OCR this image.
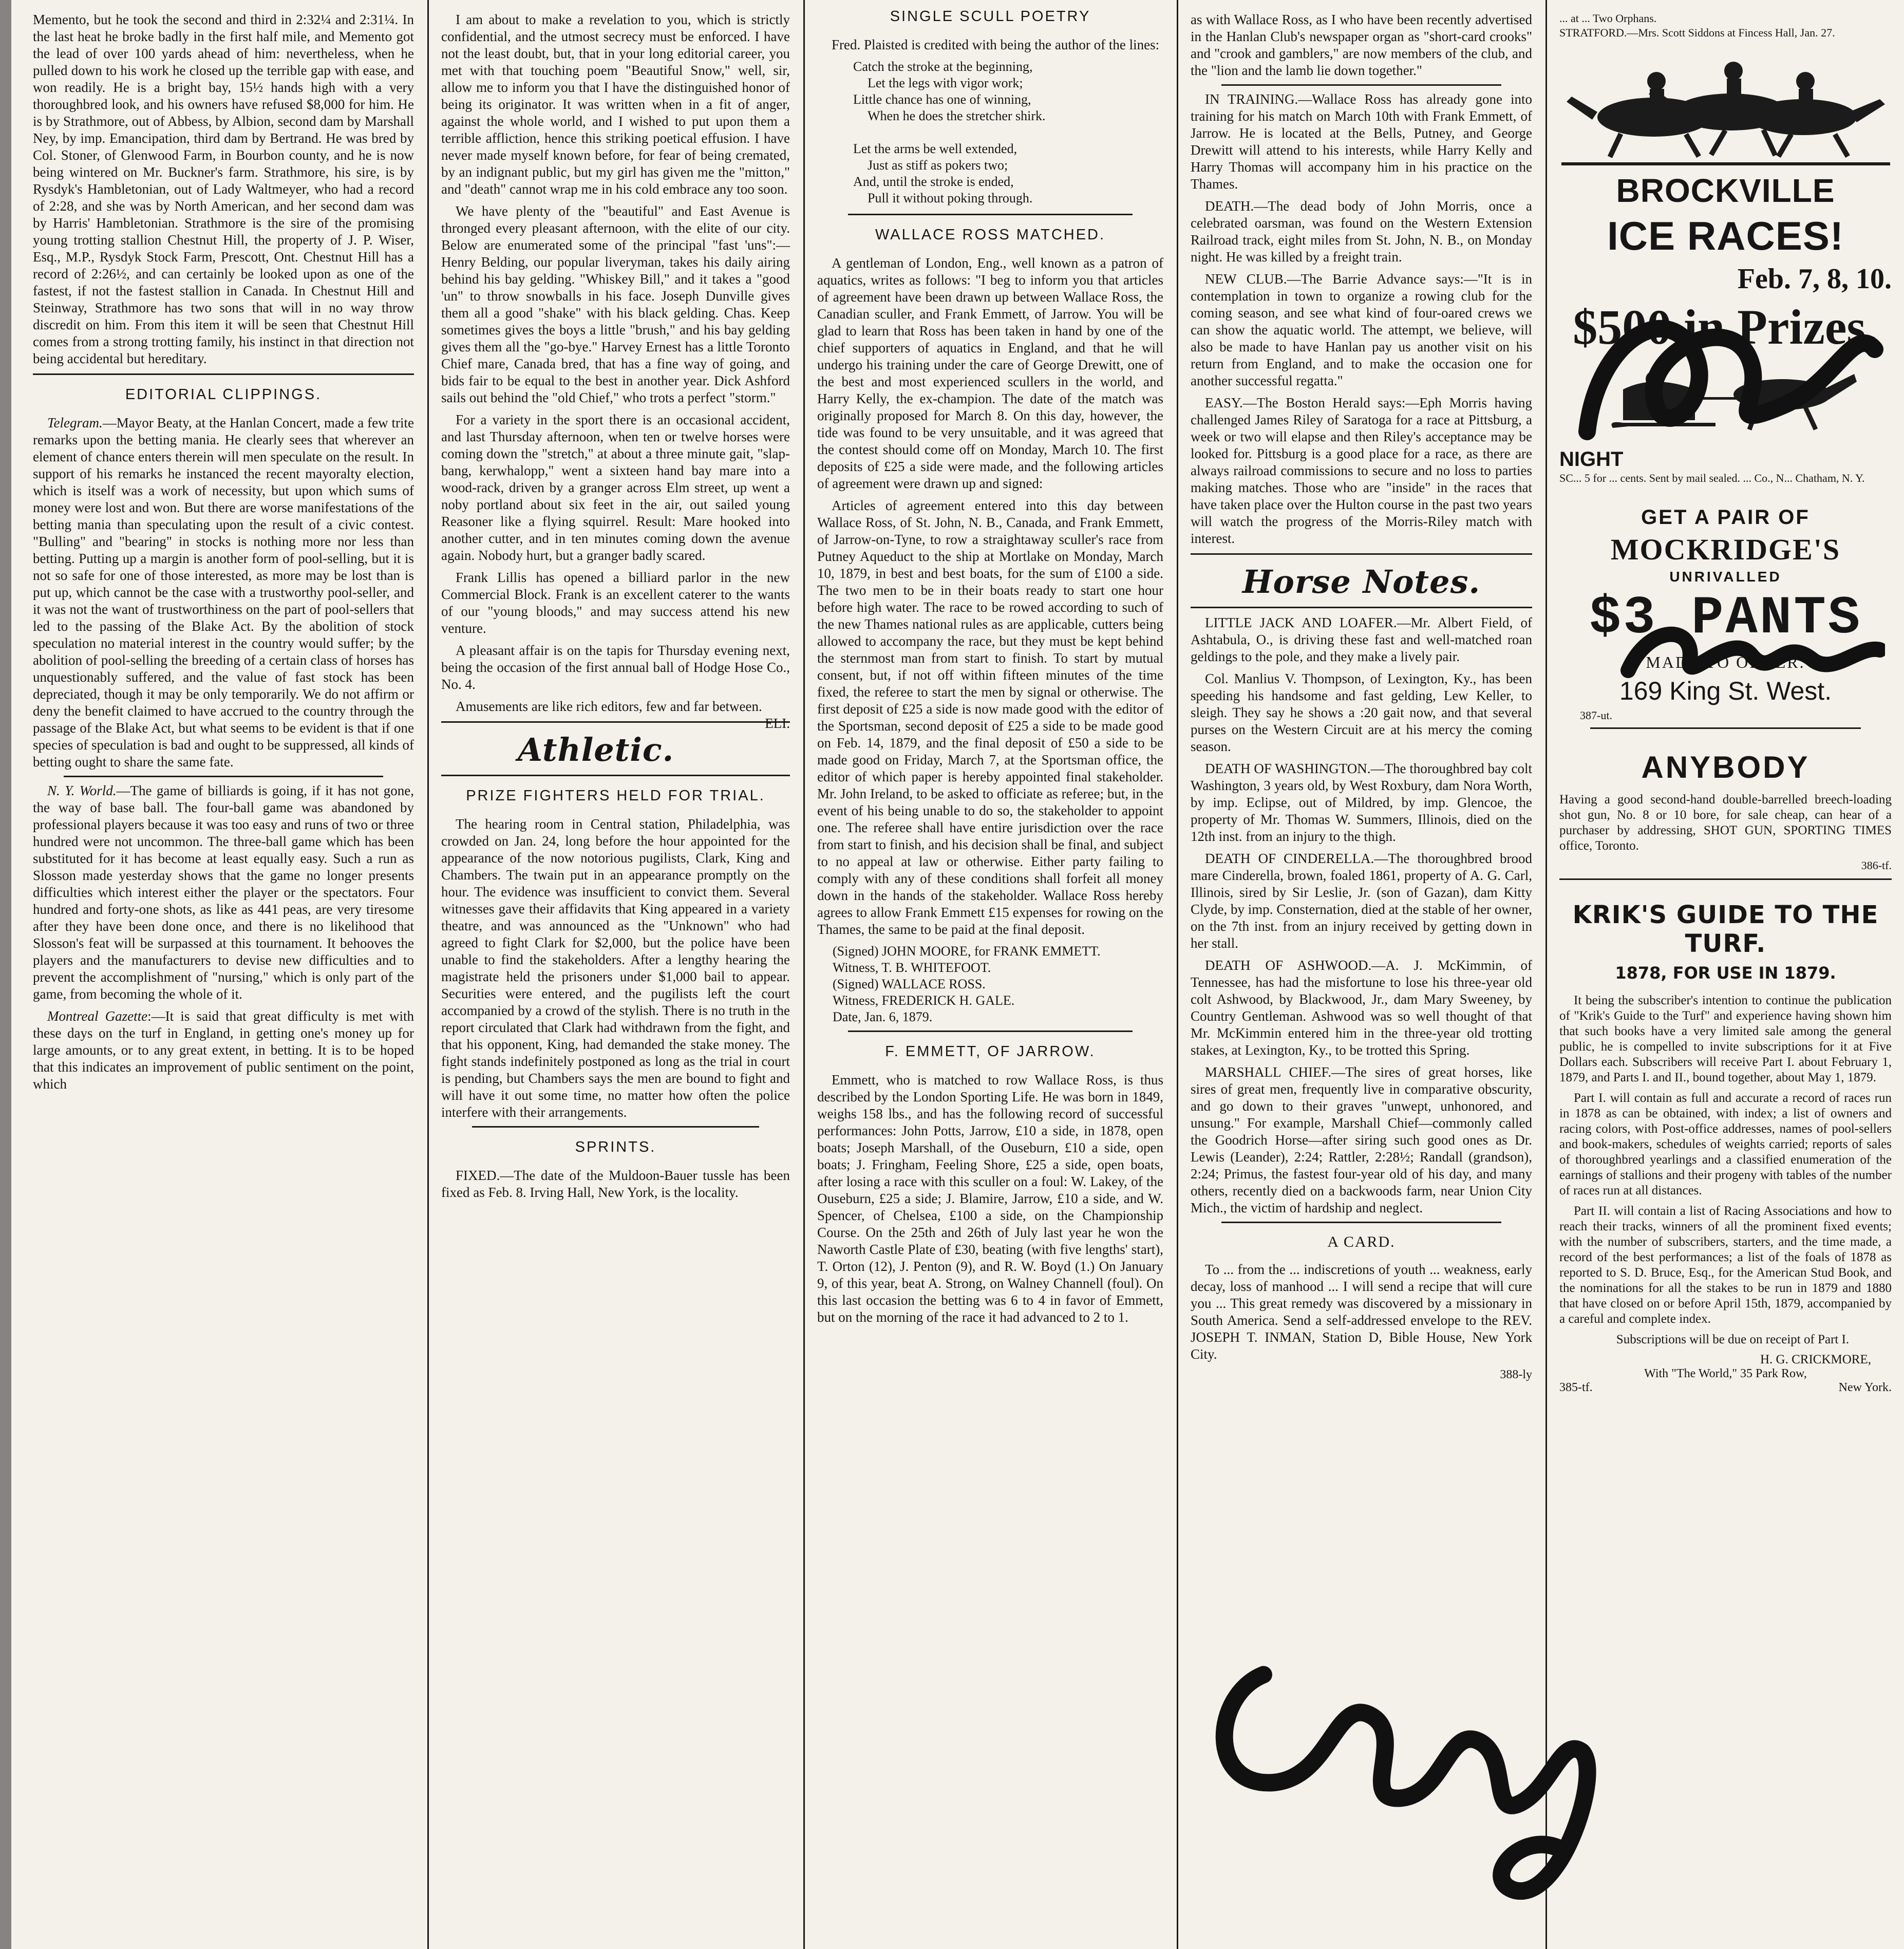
Memento, but he took the second and third in 2:32¼ and 2:31¼. In the last heat he broke badly in the first half mile, and Memento got the lead of over 100 yards ahead of him: nevertheless, when he pulled down to his work he closed up the terrible gap with ease, and won readily. He is a bright bay, 15½ hands high with a very thoroughbred look, and his owners have refused $8,000 for him. He is by Strathmore, out of Abbess, by Albion, second dam by Marshall Ney, by imp. Emancipation, third dam by Bertrand. He was bred by Col. Stoner, of Glenwood Farm, in Bourbon county, and he is now being wintered on Mr. Buckner's farm. Strathmore, his sire, is by Rysdyk's Hambletonian, out of Lady Waltmeyer, who had a record of 2:28, and she was by North American, and her second dam was by Harris' Hambletonian. Strathmore is the sire of the promising young trotting stallion Chestnut Hill, the property of J. P. Wiser, Esq., M.P., Rysdyk Stock Farm, Prescott, Ont. Chestnut Hill has a record of 2:26½, and can certainly be looked upon as one of the fastest, if not the fastest stallion in Canada. In Chestnut Hill and Steinway, Strathmore has two sons that will in no way throw discredit on him. From this item it will be seen that Chestnut Hill comes from a strong trotting family, his instinct in that direction not being accidental but hereditary.

EDITORIAL CLIPPINGS.

Telegram.—Mayor Beaty, at the Hanlan Concert, made a few trite remarks upon the betting mania. He clearly sees that wherever an element of chance enters therein will men speculate on the result. In support of his remarks he instanced the recent mayoralty election, which is itself was a work of necessity, but upon which sums of money were lost and won. But there are worse manifestations of the betting mania than speculating upon the result of a civic contest. "Bulling" and "bearing" in stocks is nothing more nor less than betting. Putting up a margin is another form of pool-selling, but it is not so safe for one of those interested, as more may be lost than is put up, which cannot be the case with a trustworthy pool-seller, and it was not the want of trustworthiness on the part of pool-sellers that led to the passing of the Blake Act. By the abolition of stock speculation no material interest in the country would suffer; by the abolition of pool-selling the breeding of a certain class of horses has unquestionably suffered, and the value of fast stock has been depreciated, though it may be only temporarily. We do not affirm or deny the benefit claimed to have accrued to the country through the passage of the Blake Act, but what seems to be evident is that if one species of speculation is bad and ought to be suppressed, all kinds of betting ought to share the same fate.

N. Y. World.—The game of billiards is going, if it has not gone, the way of base ball. The four-ball game was abandoned by professional players because it was too easy and runs of two or three hundred were not uncommon. The three-ball game which has been substituted for it has become at least equally easy. Such a run as Slosson made yesterday shows that the game no longer presents difficulties which interest either the player or the spectators. Four hundred and forty-one shots, as like as 441 peas, are very tiresome after they have been done once, and there is no likelihood that Slosson's feat will be surpassed at this tournament. It behooves the players and the manufacturers to devise new difficulties and to prevent the accomplishment of "nursing," which is only part of the game, from becoming the whole of it.

Montreal Gazette:—It is said that great difficulty is met with these days on the turf in England, in getting one's money up for large amounts, or to any great extent, in betting. It is to be hoped that this indicates an improvement of public sentiment on the point, which

I am about to make a revelation to you, which is strictly confidential, and the utmost secrecy must be enforced. I have not the least doubt, but, that in your long editorial career, you met with that touching poem "Beautiful Snow," well, sir, allow me to inform you that I have the distinguished honor of being its originator. It was written when in a fit of anger, against the whole world, and I wished to put upon them a terrible affliction, hence this striking poetical effusion. I have never made myself known before, for fear of being cremated, by an indignant public, but my girl has given me the "mitton," and "death" cannot wrap me in his cold embrace any too soon.

We have plenty of the "beautiful" and East Avenue is thronged every pleasant afternoon, with the elite of our city. Below are enumerated some of the principal "fast 'uns":—Henry Belding, our popular liveryman, takes his daily airing behind his bay gelding. "Whiskey Bill," and it takes a "good 'un" to throw snowballs in his face. Joseph Dunville gives them all a good "shake" with his black gelding. Chas. Keep sometimes gives the boys a little "brush," and his bay gelding gives them all the "go-bye." Harvey Ernest has a little Toronto Chief mare, Canada bred, that has a fine way of going, and bids fair to be equal to the best in another year. Dick Ashford sails out behind the "old Chief," who trots a perfect "storm."

For a variety in the sport there is an occasional accident, and last Thursday afternoon, when ten or twelve horses were coming down the "stretch," at about a three minute gait, "slap-bang, kerwhalopp," went a sixteen hand bay mare into a wood-rack, driven by a granger across Elm street, up went a noby portland about six feet in the air, out sailed young Reasoner like a flying squirrel. Result: Mare hooked into another cutter, and in ten minutes coming down the avenue again. Nobody hurt, but a granger badly scared.

Frank Lillis has opened a billiard parlor in the new Commercial Block. Frank is an excellent caterer to the wants of our "young bloods," and may success attend his new venture.

A pleasant affair is on the tapis for Thursday evening next, being the occasion of the first annual ball of Hodge Hose Co., No. 4.

Amusements are like rich editors, few and far between.
ELI.

Athletic.
PRIZE FIGHTERS HELD FOR TRIAL.

The hearing room in Central station, Philadelphia, was crowded on Jan. 24, long before the hour appointed for the appearance of the now notorious pugilists, Clark, King and Chambers. The twain put in an appearance promptly on the hour. The evidence was insufficient to convict them. Several witnesses gave their affidavits that King appeared in a variety theatre, and was announced as the "Unknown" who had agreed to fight Clark for $2,000, but the police have been unable to find the stakeholders. After a lengthy hearing the magistrate held the prisoners under $1,000 bail to appear. Securities were entered, and the pugilists left the court accompanied by a crowd of the stylish. There is no truth in the report circulated that Clark had withdrawn from the fight, and that his opponent, King, had demanded the stake money. The fight stands indefinitely postponed as long as the trial in court is pending, but Chambers says the men are bound to fight and will have it out some time, no matter how often the police interfere with their arrangements.

SPRINTS.

FIXED.—The date of the Muldoon-Bauer tussle has been fixed as Feb. 8. Irving Hall, New York, is the locality.

SINGLE SCULL POETRY

Fred. Plaisted is credited with being the author of the lines:

Catch the stroke at the beginning,
Let the legs with vigor work;
Little chance has one of winning,
When he does the stretcher shirk.

Let the arms be well extended,
Just as stiff as pokers two;
And, until the stroke is ended,
Pull it without poking through.
WALLACE ROSS MATCHED.

A gentleman of London, Eng., well known as a patron of aquatics, writes as follows: "I beg to inform you that articles of agreement have been drawn up between Wallace Ross, the Canadian sculler, and Frank Emmett, of Jarrow. You will be glad to learn that Ross has been taken in hand by one of the chief supporters of aquatics in England, and that he will undergo his training under the care of George Drewitt, one of the best and most experienced scullers in the world, and Harry Kelly, the ex-champion. The date of the match was originally proposed for March 8. On this day, however, the tide was found to be very unsuitable, and it was agreed that the contest should come off on Monday, March 10. The first deposits of £25 a side were made, and the following articles of agreement were drawn up and signed:

Articles of agreement entered into this day between Wallace Ross, of St. John, N. B., Canada, and Frank Emmett, of Jarrow-on-Tyne, to row a straightaway sculler's race from Putney Aqueduct to the ship at Mortlake on Monday, March 10, 1879, in best and best boats, for the sum of £100 a side. The two men to be in their boats ready to start one hour before high water. The race to be rowed according to such of the new Thames national rules as are applicable, cutters being allowed to accompany the race, but they must be kept behind the sternmost man from start to finish. To start by mutual consent, but, if not off within fifteen minutes of the time fixed, the referee to start the men by signal or otherwise. The first deposit of £25 a side is now made good with the editor of the Sportsman, second deposit of £25 a side to be made good on Feb. 14, 1879, and the final deposit of £50 a side to be made good on Friday, March 7, at the Sportsman office, the editor of which paper is hereby appointed final stakeholder. Mr. John Ireland, to be asked to officiate as referee; but, in the event of his being unable to do so, the stakeholder to appoint one. The referee shall have entire jurisdiction over the race from start to finish, and his decision shall be final, and subject to no appeal at law or otherwise. Either party failing to comply with any of these conditions shall forfeit all money down in the hands of the stakeholder. Wallace Ross hereby agrees to allow Frank Emmett £15 expenses for rowing on the Thames, the same to be paid at the final deposit.

(Signed) JOHN MOORE, for FRANK EMMETT.
Witness, T. B. WHITEFOOT.
(Signed) WALLACE ROSS.
Witness, FREDERICK H. GALE.
Date, Jan. 6, 1879.
F. EMMETT, OF JARROW.

Emmett, who is matched to row Wallace Ross, is thus described by the London Sporting Life. He was born in 1849, weighs 158 lbs., and has the following record of successful performances: John Potts, Jarrow, £10 a side, in 1878, open boats; Joseph Marshall, of the Ouseburn, £10 a side, open boats; J. Fringham, Feeling Shore, £25 a side, open boats, after losing a race with this sculler on a foul: W. Lakey, of the Ouseburn, £25 a side; J. Blamire, Jarrow, £10 a side, and W. Spencer, of Chelsea, £100 a side, on the Championship Course. On the 25th and 26th of July last year he won the Naworth Castle Plate of £30, beating (with five lengths' start), T. Orton (12), J. Penton (9), and R. W. Boyd (1.) On January 9, of this year, beat A. Strong, on Walney Channell (foul). On this last occasion the betting was 6 to 4 in favor of Emmett, but on the morning of the race it had advanced to 2 to 1.

as with Wallace Ross, as I who have been recently advertised in the Hanlan Club's newspaper organ as "short-card crooks" and "crook and gamblers," are now members of the club, and the "lion and the lamb lie down together."

IN TRAINING.—Wallace Ross has already gone into training for his match on March 10th with Frank Emmett, of Jarrow. He is located at the Bells, Putney, and George Drewitt will attend to his interests, while Harry Kelly and Harry Thomas will accompany him in his practice on the Thames.

DEATH.—The dead body of John Morris, once a celebrated oarsman, was found on the Western Extension Railroad track, eight miles from St. John, N. B., on Monday night. He was killed by a freight train.

NEW CLUB.—The Barrie Advance says:—"It is in contemplation in town to organize a rowing club for the coming season, and see what kind of four-oared crews we can show the aquatic world. The attempt, we believe, will also be made to have Hanlan pay us another visit on his return from England, and to make the occasion one for another successful regatta."

EASY.—The Boston Herald says:—Eph Morris having challenged James Riley of Saratoga for a race at Pittsburg, a week or two will elapse and then Riley's acceptance may be looked for. Pittsburg is a good place for a race, as there are always railroad commissions to secure and no loss to parties making matches. Those who are "inside" in the races that have taken place over the Hulton course in the past two years will watch the progress of the Morris-Riley match with interest.

Horse Notes.

LITTLE JACK AND LOAFER.—Mr. Albert Field, of Ashtabula, O., is driving these fast and well-matched roan geldings to the pole, and they make a lively pair.

Col. Manlius V. Thompson, of Lexington, Ky., has been speeding his handsome and fast gelding, Lew Keller, to sleigh. They say he shows a :20 gait now, and that several purses on the Western Circuit are at his mercy the coming season.

DEATH OF WASHINGTON.—The thoroughbred bay colt Washington, 3 years old, by West Roxbury, dam Nora Worth, by imp. Eclipse, out of Mildred, by imp. Glencoe, the property of Mr. Thomas W. Summers, Illinois, died on the 12th inst. from an injury to the thigh.

DEATH OF CINDERELLA.—The thoroughbred brood mare Cinderella, brown, foaled 1861, property of A. G. Carl, Illinois, sired by Sir Leslie, Jr. (son of Gazan), dam Kitty Clyde, by imp. Consternation, died at the stable of her owner, on the 7th inst. from an injury received by getting down in her stall.

DEATH OF ASHWOOD.—A. J. McKimmin, of Tennessee, has had the misfortune to lose his three-year old colt Ashwood, by Blackwood, Jr., dam Mary Sweeney, by Country Gentleman. Ashwood was so well thought of that Mr. McKimmin entered him in the three-year old trotting stakes, at Lexington, Ky., to be trotted this Spring.

MARSHALL CHIEF.—The sires of great horses, like sires of great men, frequently live in comparative obscurity, and go down to their graves "unwept, unhonored, and unsung." For example, Marshall Chief—commonly called the Goodrich Horse—after siring such good ones as Dr. Lewis (Leander), 2:24; Rattler, 2:28½; Randall (grandson), 2:24; Primus, the fastest four-year old of his day, and many others, recently died on a backwoods farm, near Union City Mich., the victim of hardship and neglect.

A CARD.

To ... from the ... indiscretions of youth ... weakness, early decay, loss of manhood ... I will send a recipe that will cure you ... This great remedy was discovered by a missionary in South America. Send a self-addressed envelope to the REV. JOSEPH T. INMAN, Station D, Bible House, New York City.

388-ly
... at ... Two Orphans.
STRATFORD.—Mrs. Scott Siddons at Fincess Hall, Jan. 27.
BROCKVILLE
ICE RACES!
Feb. 7, 8, 10.
$500 in Prizes.
NIGHT
SC... 5 for ... cents. Sent by mail sealed. ... Co., N... Chatham, N. Y.
GET A PAIR OF
MOCKRIDGE'S
UNRIVALLED
$3 PANTS
MADE TO ORDER.
169 King St. West.
387-ut.
ANYBODY

Having a good second-hand double-barrelled breech-loading shot gun, No. 8 or 10 bore, for sale cheap, can hear of a purchaser by addressing, SHOT GUN, SPORTING TIMES office, Toronto.

386-tf.
KRIK'S GUIDE TO THE TURF.
1878, FOR USE IN 1879.

It being the subscriber's intention to continue the publication of "Krik's Guide to the Turf" and experience having shown him that such books have a very limited sale among the general public, he is compelled to invite subscriptions for it at Five Dollars each. Subscribers will receive Part I. about February 1, 1879, and Parts I. and II., bound together, about May 1, 1879.

Part I. will contain as full and accurate a record of races run in 1878 as can be obtained, with index; a list of owners and racing colors, with Post-office addresses, names of pool-sellers and book-makers, schedules of weights carried; reports of sales of thoroughbred yearlings and a classified enumeration of the earnings of stallions and their progeny with tables of the number of races run at all distances.

Part II. will contain a list of Racing Associations and how to reach their tracks, winners of all the prominent fixed events; with the number of subscribers, starters, and the time made, a record of the best performances; a list of the foals of 1878 as reported to S. D. Bruce, Esq., for the American Stud Book, and the nominations for all the stakes to be run in 1879 and 1880 that have closed on or before April 15th, 1879, accompanied by a careful and complete index.

Subscriptions will be due on receipt of Part I.

H. G. CRICKMORE,
With "The World," 35 Park Row,
385-tf.	New York.
